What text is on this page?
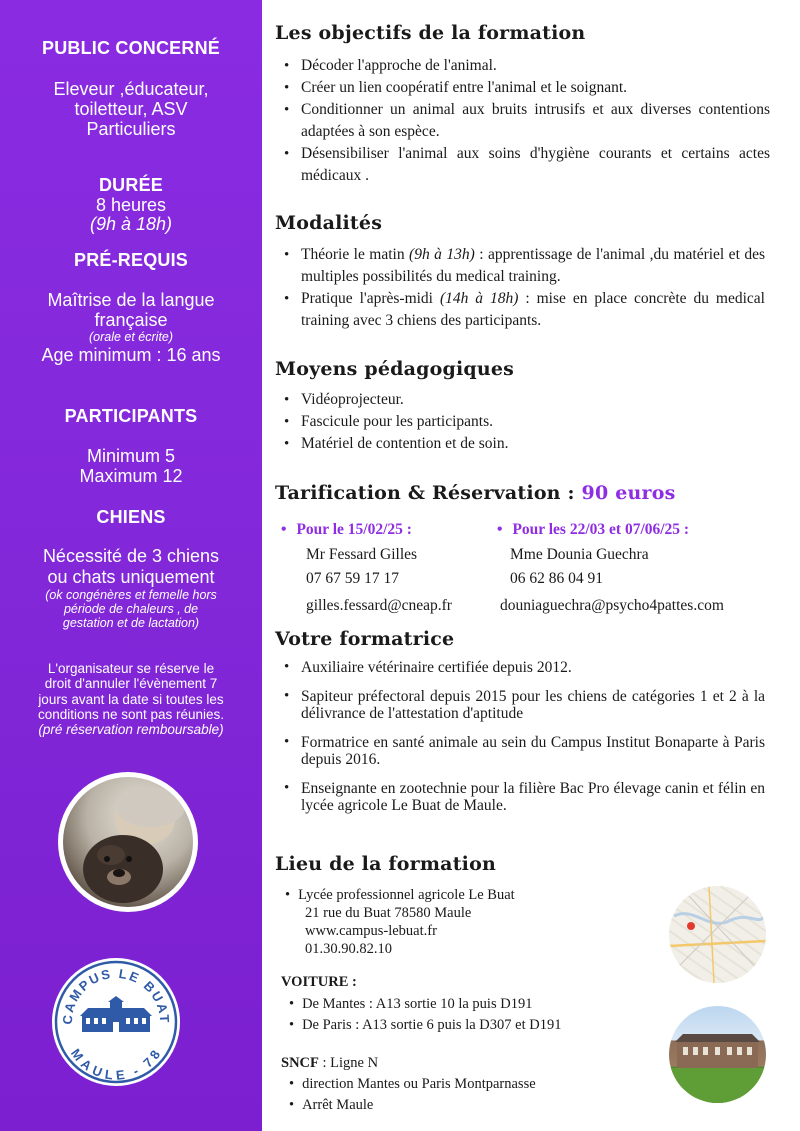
PUBLIC CONCERNÉ
Eleveur ,éducateur,
toiletteur, ASV
Particuliers
DURÉE
8 heures
(9h à 18h)
PRÉ-REQUIS
Maîtrise de la langue
française
(orale et écrite)
Age minimum : 16 ans
PARTICIPANTS
Minimum 5
Maximum 12
CHIENS
Nécessité de 3 chiens
ou chats uniquement
(ok congénères et femelle hors
période de chaleurs , de
gestation et de lactation)
L'organisateur se réserve le
droit d'annuler l'évènement 7
jours avant la date si toutes les
conditions ne sont pas réunies.
(pré réservation remboursable)
CAMPUS LE BUAT
MAULE - 78
Les objectifs de la formation
• Décoder l'approche de l'animal.
• Créer un lien coopératif entre l'animal et le soignant.
• Conditionner un animal aux bruits intrusifs et aux diverses contentions adaptées à son espèce.
• Désensibiliser l'animal aux soins d'hygiène courants et certains actes médicaux .
Modalités
• Théorie le matin (9h à 13h) : apprentissage de l'animal ,du matériel et des multiples possibilités du medical training.
• Pratique l'après-midi (14h à 18h) : mise en place concrète du medical training avec 3 chiens des participants.
Moyens pédagogiques
• Vidéoprojecteur.
• Fascicule pour les participants.
• Matériel de contention et de soin.
Tarification & Réservation : 90 euros
• Pour le 15/02/25 :
Mr Fessard Gilles
07 67 59 17 17
gilles.fessard@cneap.fr
• Pour les 22/03 et 07/06/25 :
Mme Dounia Guechra
06 62 86 04 91
douniaguechra@psycho4pattes.com
Votre formatrice
• Auxiliaire vétérinaire certifiée depuis 2012.
• Sapiteur préfectoral depuis 2015 pour les chiens de catégories 1 et 2 à la délivrance de l'attestation d'aptitude
• Formatrice en santé animale au sein du Campus Institut Bonaparte à Paris depuis 2016.
• Enseignante en zootechnie pour la filière Bac Pro élevage canin et félin en lycée agricole Le Buat de Maule.
Lieu de la formation
• Lycée professionnel agricole Le Buat
21 rue du Buat 78580 Maule
www.campus-lebuat.fr
01.30.90.82.10
VOITURE :
• De Mantes : A13 sortie 10 la puis D191
• De Paris : A13 sortie 6 puis la D307 et D191
SNCF : Ligne N
• direction Mantes ou Paris Montparnasse
• Arrêt Maule
